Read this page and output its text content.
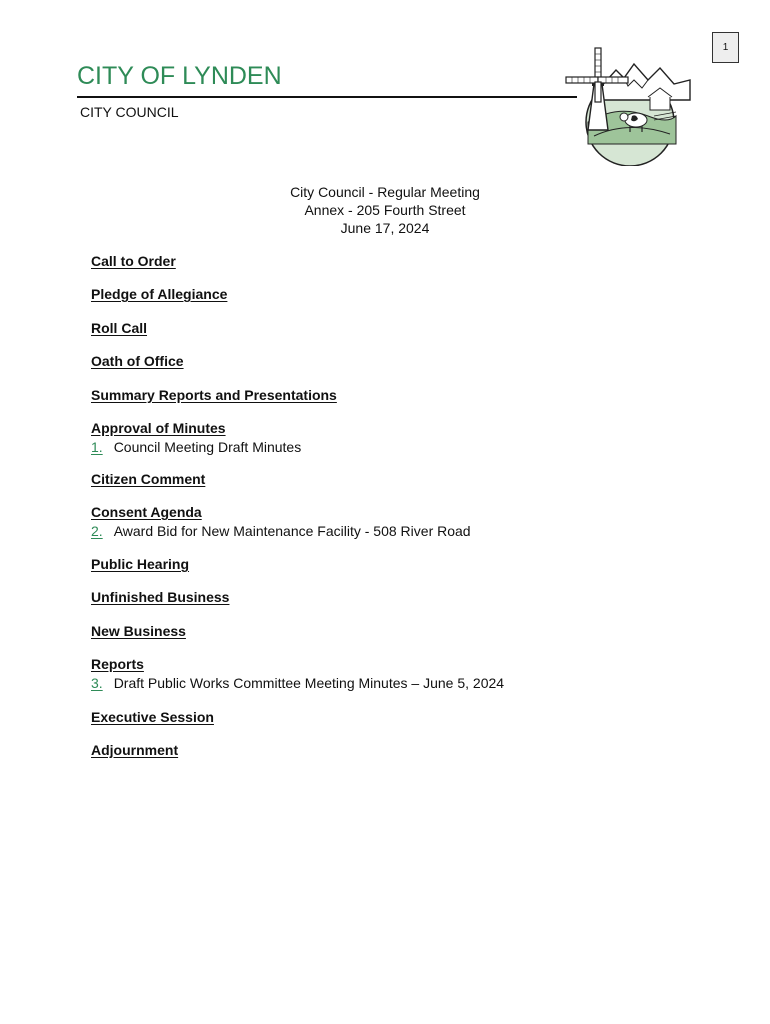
1
CITY OF LYNDEN
CITY COUNCIL
City Council - Regular Meeting
Annex - 205 Fourth Street
June 17, 2024
Call to Order
Pledge of Allegiance
Roll Call
Oath of Office
Summary Reports and Presentations
Approval of Minutes
1. Council Meeting Draft Minutes
Citizen Comment
Consent Agenda
2. Award Bid for New Maintenance Facility - 508 River Road
Public Hearing
Unfinished Business
New Business
Reports
3. Draft Public Works Committee Meeting Minutes – June 5, 2024
Executive Session
Adjournment
